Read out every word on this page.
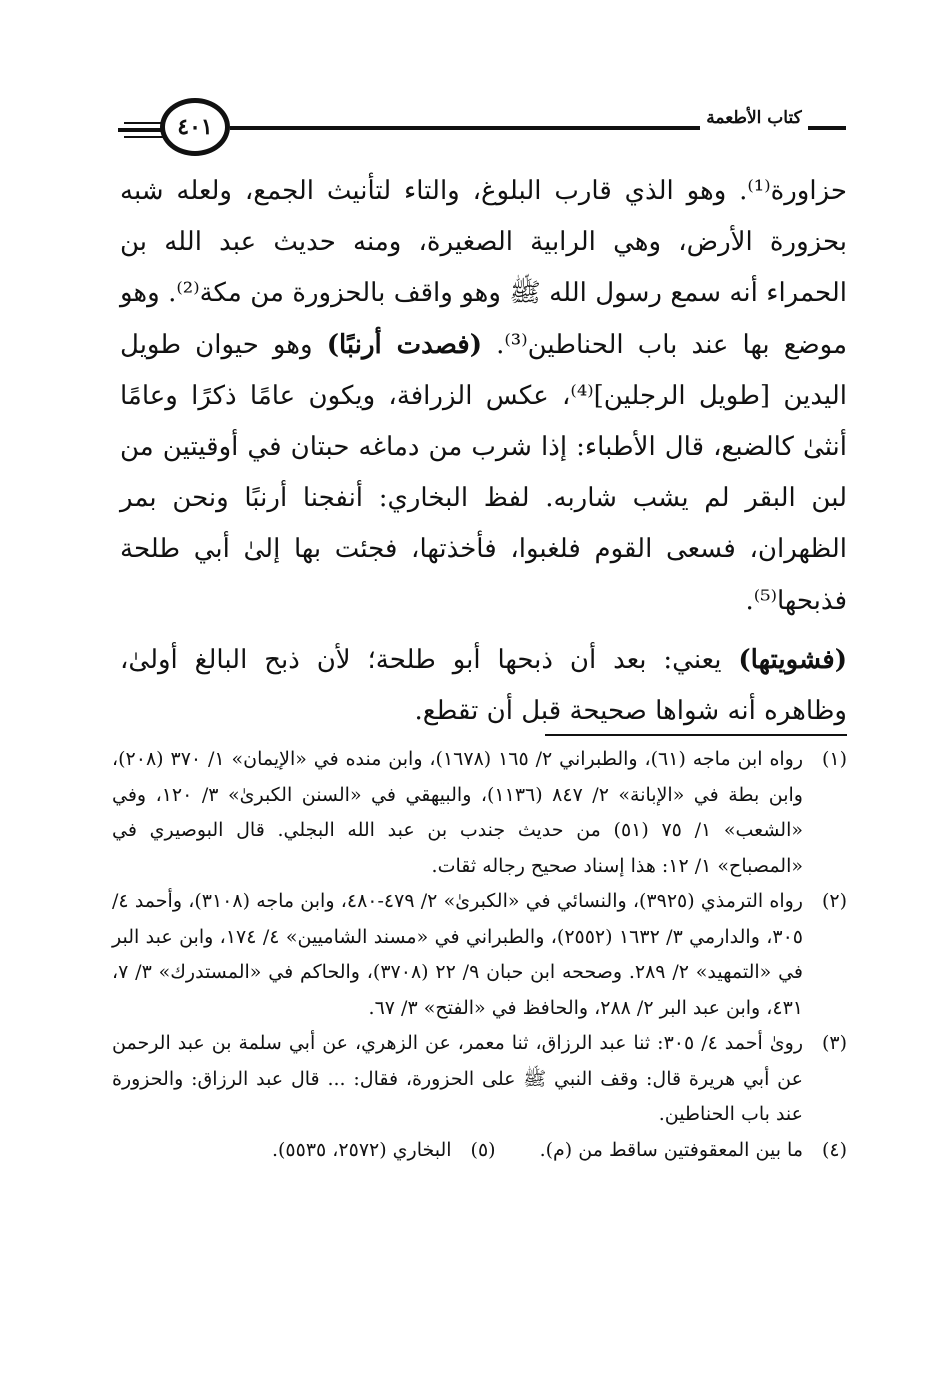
٤٠١	كتاب الأطعمة

حزاورة⁽¹⁾. وهو الذي قارب البلوغ، والتاء لتأنيث الجمع، ولعله شبه بحزورة الأرض، وهي الرابية الصغيرة، ومنه حديث عبد الله بن الحمراء أنه سمع رسول الله ﷺ وهو واقف بالحزورة من مكة⁽²⁾. وهو موضع بها عند باب الحناطين⁽³⁾. (فصدت أرنبًا) وهو حيوان طويل اليدين [طويل الرجلين]⁽⁴⁾، عكس الزرافة، ويكون عامًا ذكرًا وعامًا أنثىٰ كالضبع، قال الأطباء: إذا شرب من دماغه حبتان في أوقيتين من لبن البقر لم يشب شاربه. لفظ البخاري: أنفجنا أرنبًا ونحن بمر الظهران، فسعى القوم فلغبوا، فأخذتها، فجئت بها إلىٰ أبي طلحة فذبحها⁽⁵⁾.

(فشويتها) يعني: بعد أن ذبحها أبو طلحة؛ لأن ذبح البالغ أولىٰ، وظاهره أنه شواها صحيحة قبل أن تقطع.

(١)
رواه ابن ماجه (٦١)، والطبراني ٢/ ١٦٥ (١٦٧٨)، وابن منده في «الإيمان» ١/ ٣٧٠ (٢٠٨)، وابن بطة في «الإبانة» ٢/ ٨٤٧ (١١٣٦)، والبيهقي في «السنن الكبرىٰ» ٣/ ١٢٠، وفي «الشعب» ١/ ٧٥ (٥١) من حديث جندب بن عبد الله البجلي. قال البوصيري في «المصباح» ١/ ١٢: هذا إسناد صحيح رجاله ثقات.
(٢)
رواه الترمذي (٣٩٢٥)، والنسائي في «الكبرىٰ» ٢/ ٤٧٩-٤٨٠، وابن ماجه (٣١٠٨)، وأحمد ٤/ ٣٠٥، والدارمي ٣/ ١٦٣٢ (٢٥٥٢)، والطبراني في «مسند الشاميين» ٤/ ١٧٤، وابن عبد البر في «التمهيد» ٢/ ٢٨٩. وصححه ابن حبان ٩/ ٢٢ (٣٧٠٨)، والحاكم في «المستدرك» ٣/ ٧، ٤٣١، وابن عبد البر ٢/ ٢٨٨، والحافظ في «الفتح» ٣/ ٦٧.
(٣)
روىٰ أحمد ٤/ ٣٠٥: ثنا عبد الرزاق، ثنا معمر، عن الزهري، عن أبي سلمة بن عبد الرحمن عن أبي هريرة قال: وقف النبي ﷺ على الحزورة، فقال: ... قال عبد الرزاق: والحزورة عند باب الحناطين.
(٤)
ما بين المعقوفتين ساقط من (م).
(٥)
البخاري (٢٥٧٢، ٥٥٣٥).
